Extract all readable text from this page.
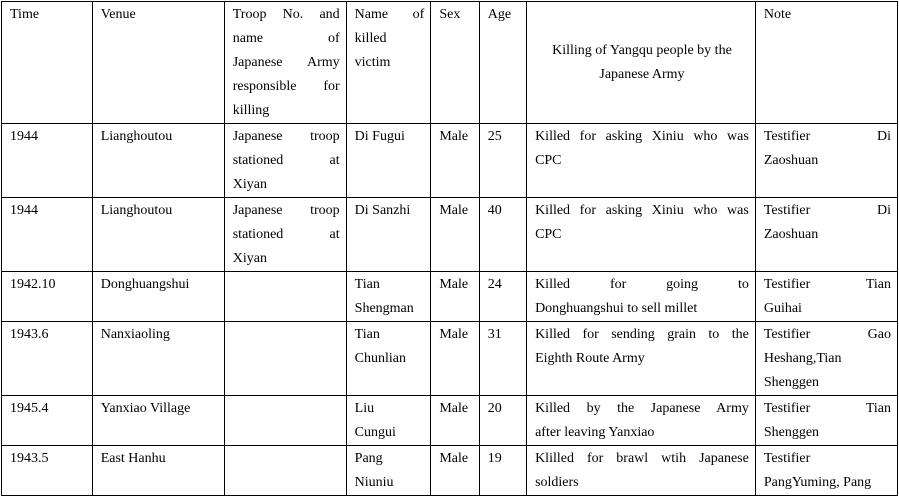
Time	Venue	Troop No. and
name of
Japanese Army
responsible for
killing	Name of
killed
victim	Sex	Age	Killing of Yangqu people by the
Japanese Army	Note
1944	Lianghoutou	Japanese troop
stationed at
Xiyan	Di Fugui	Male	25	Killed for asking Xiniu who was
CPC	Testifier Di
Zaoshuan

1944	Lianghoutou	Japanese troop
stationed at
Xiyan	Di Sanzhi	Male	40	Killed for asking Xiniu who was
CPC	Testifier Di
Zaoshuan

1942.10	Donghuangshui		Tian
Shengman	Male	24	Killed for going to
Donghuangshui to sell millet	Testifier Tian
Guihai

1943.6	Nanxiaoling		Tian
Chunlian	Male	31	Killed for sending grain to the
Eighth Route Army	Testifier Gao
Heshang,Tian
Shenggen

1945.4	Yanxiao Village		Liu
Cungui	Male	20	Killed by the Japanese Army
after leaving Yanxiao	Testifier Tian
Shenggen

1943.5	East Hanhu		Pang
Niuniu	Male	19	Klilled for brawl wtih Japanese
soldiers	Testifier
PangYuming, Pang
